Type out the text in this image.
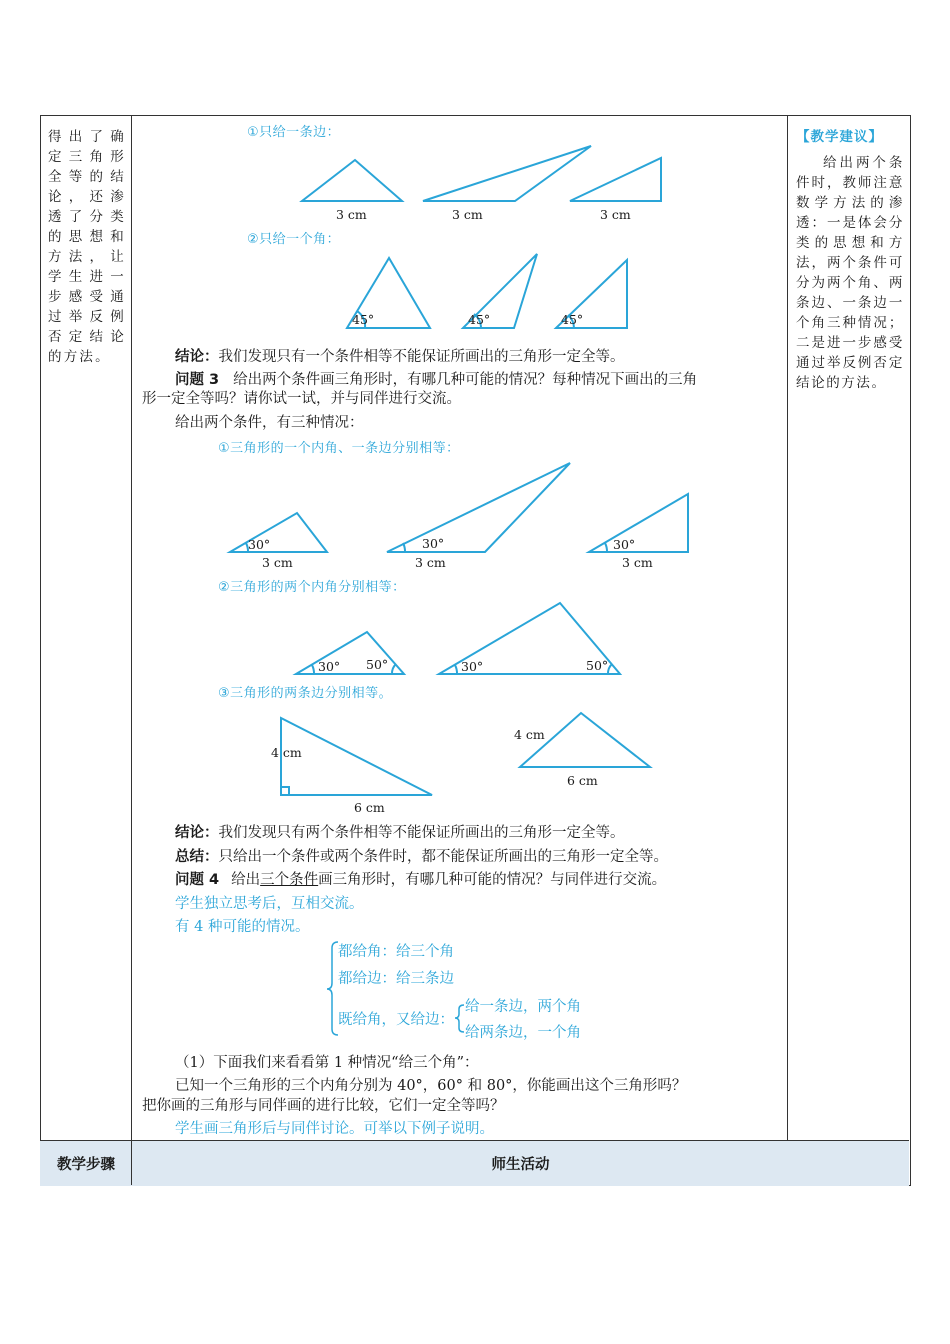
得出了确定三角形全等的结论，还渗透了分类的思想和方法，让学生进一步感受通过举反例否定结论的方法。
【教学建议】
给出两个条件时，教师注意数学方法的渗透：一是体会分类的思想和方法，两个条件可分为两个角、两条边、一条边一个角三种情况；二是进一步感受通过举反例否定结论的方法。
①只给一条边：
②只给一个角：
①三角形的一个内角、一条边分别相等：
②三角形的两个内角分别相等：
③三角形的两条边分别相等。
3 cm	3 cm	3 cm
45°	45°	45°
30°	30°	30°
3 cm	3 cm	3 cm
30° 50°	30°	50°
4 cm
6 cm
4 cm
6 cm
结论：我们发现只有一个条件相等不能保证所画出的三角形一定全等。
问题 3 给出两个条件画三角形时，有哪几种可能的情况？每种情况下画出的三角
形一定全等吗？请你试一试，并与同伴进行交流。
给出两个条件，有三种情况：
结论：我们发现只有两个条件相等不能保证所画出的三角形一定全等。
总结：只给出一个条件或两个条件时，都不能保证所画出的三角形一定全等。
问题 4 给出三个条件画三角形时，有哪几种可能的情况？与同伴进行交流。
学生独立思考后，互相交流。
有 4 种可能的情况。
都给角：给三个角
都给边：给三条边
既给角，又给边：
给一条边，两个角
给两条边，一个角
（1）下面我们来看看第 1 种情况“给三个角”：
已知一个三角形的三个内角分别为 40°，60° 和 80°，你能画出这个三角形吗？
把你画的三角形与同伴画的进行比较，它们一定全等吗？
学生画三角形后与同伴讨论。可举以下例子说明。
教学步骤	师生活动
